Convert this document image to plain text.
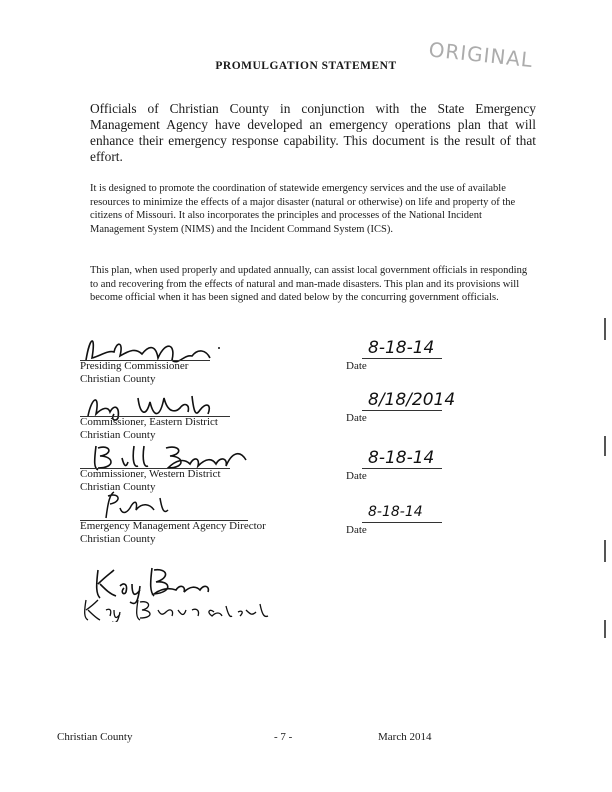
PROMULGATION STATEMENT	ORIGINAL
Officials of Christian County in conjunction with the State Emergency Management Agency have developed an emergency operations plan that will enhance their emergency response capability. This document is the result of that effort.
It is designed to promote the coordination of statewide emergency services and the use of available resources to minimize the effects of a major disaster (natural or otherwise) on life and property of the citizens of Missouri. It also incorporates the principles and processes of the National Incident Management System (NIMS) and the Incident Command System (ICS).
This plan, when used properly and updated annually, can assist local government officials in responding to and recovering from the effects of natural and man-made disasters. This plan and its provisions will become official when it has been signed and dated below by the concurring government officials.
Presiding Commissioner
Christian County
8-18-14
Date
Commissioner, Eastern District
Christian County
8/18/2014
Date
Commissioner, Western District
Christian County
8-18-14
Date
Emergency Management Agency Director
Christian County
8-18-14
Date
Christian County	- 7 -	March 2014
